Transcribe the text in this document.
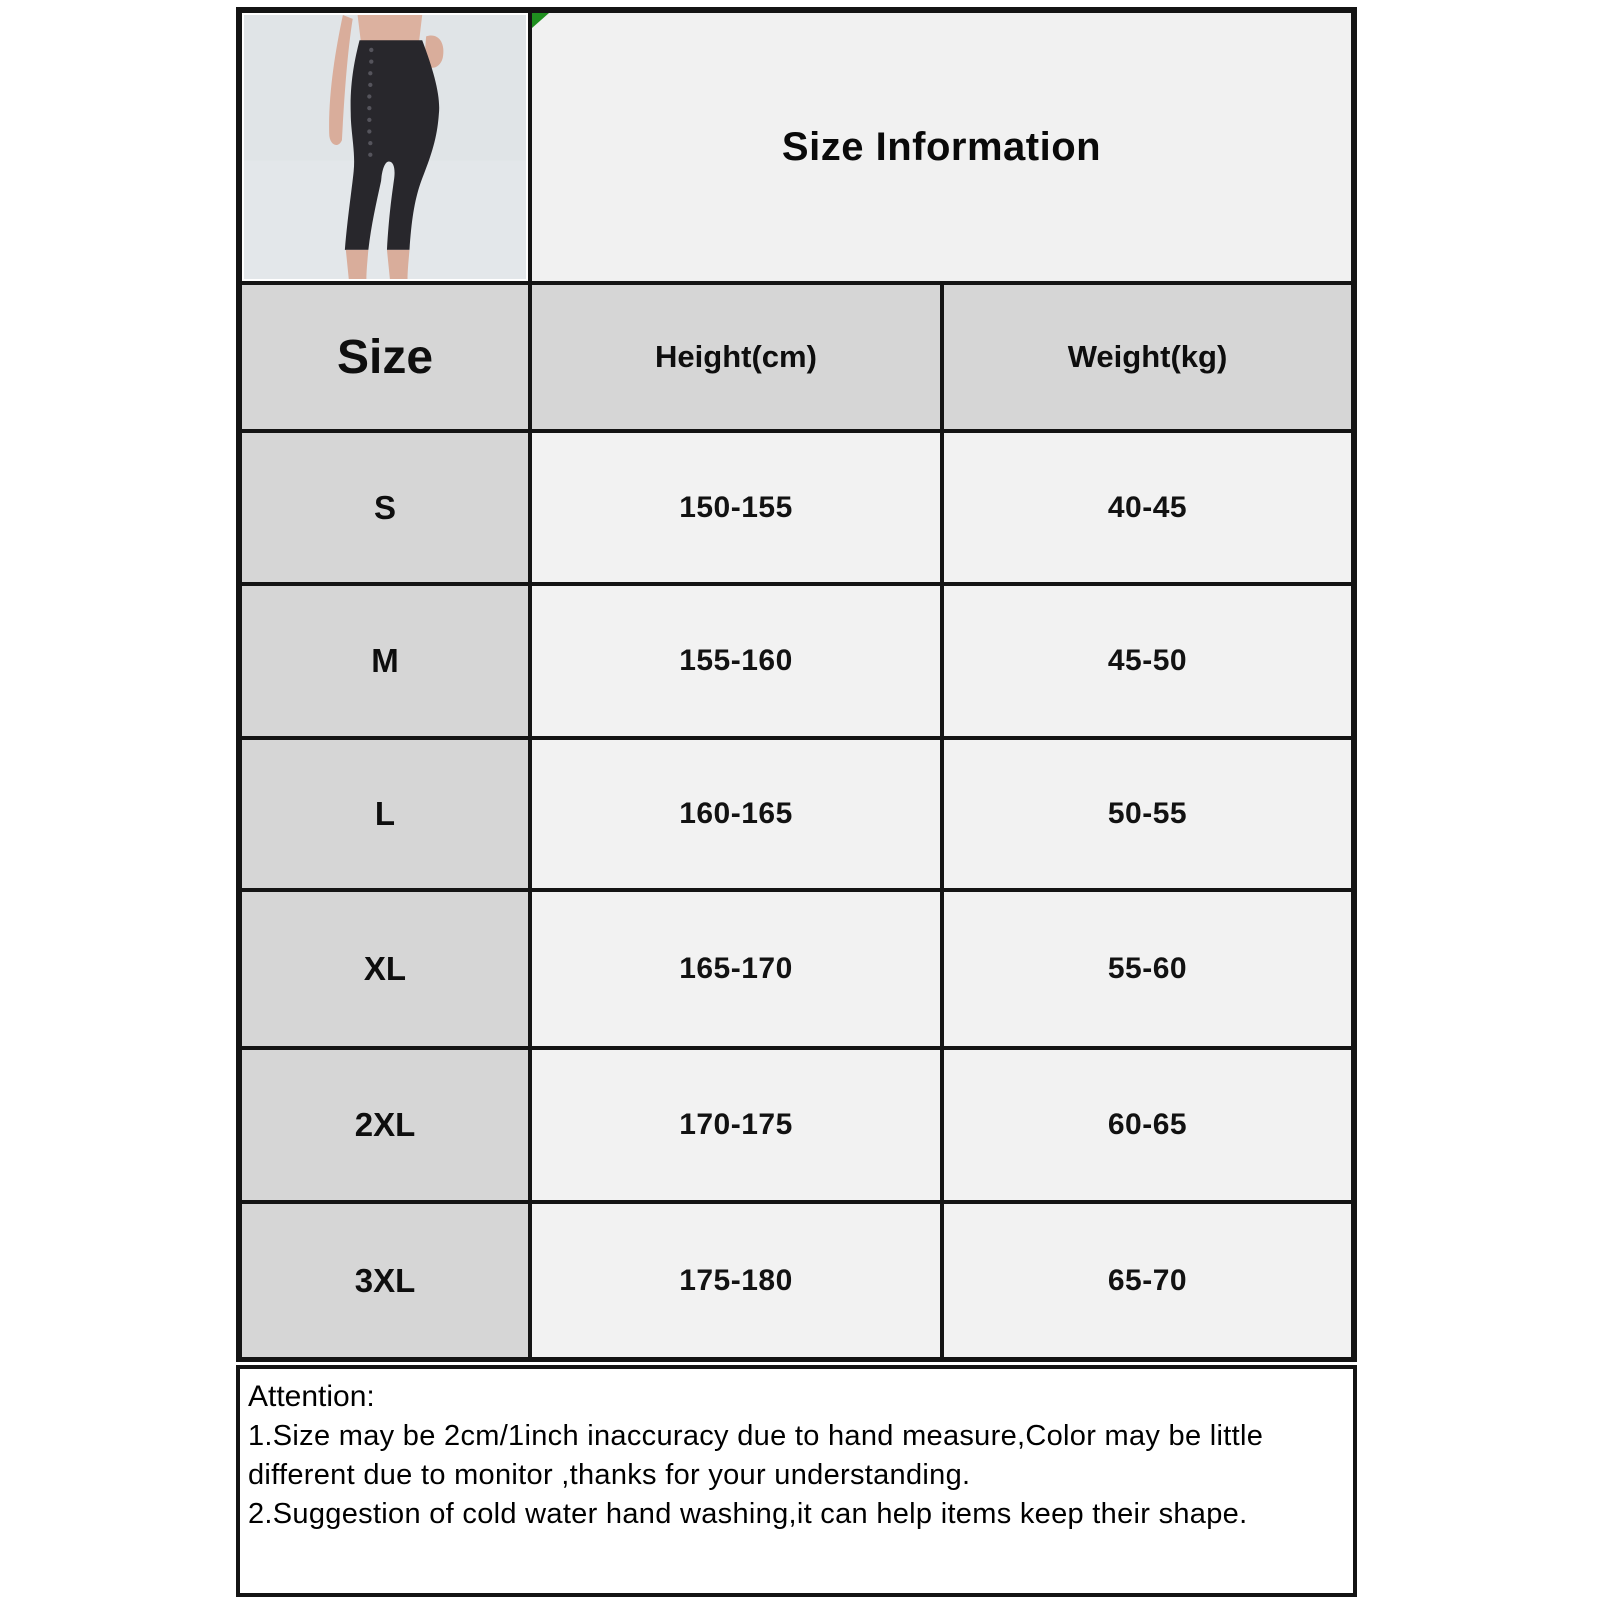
Size Information
Size	Height(cm)	Weight(kg)
S	150-155	40-45
M	155-160	45-50
L	160-165	50-55
XL	165-170	55-60
2XL	170-175	60-65
3XL	175-180	65-70
Attention:
1.Size may be 2cm/1inch inaccuracy due to hand measure,Color may be little
different due to monitor ,thanks for your understanding.
2.Suggestion of cold water hand washing,it can help items keep their shape.
